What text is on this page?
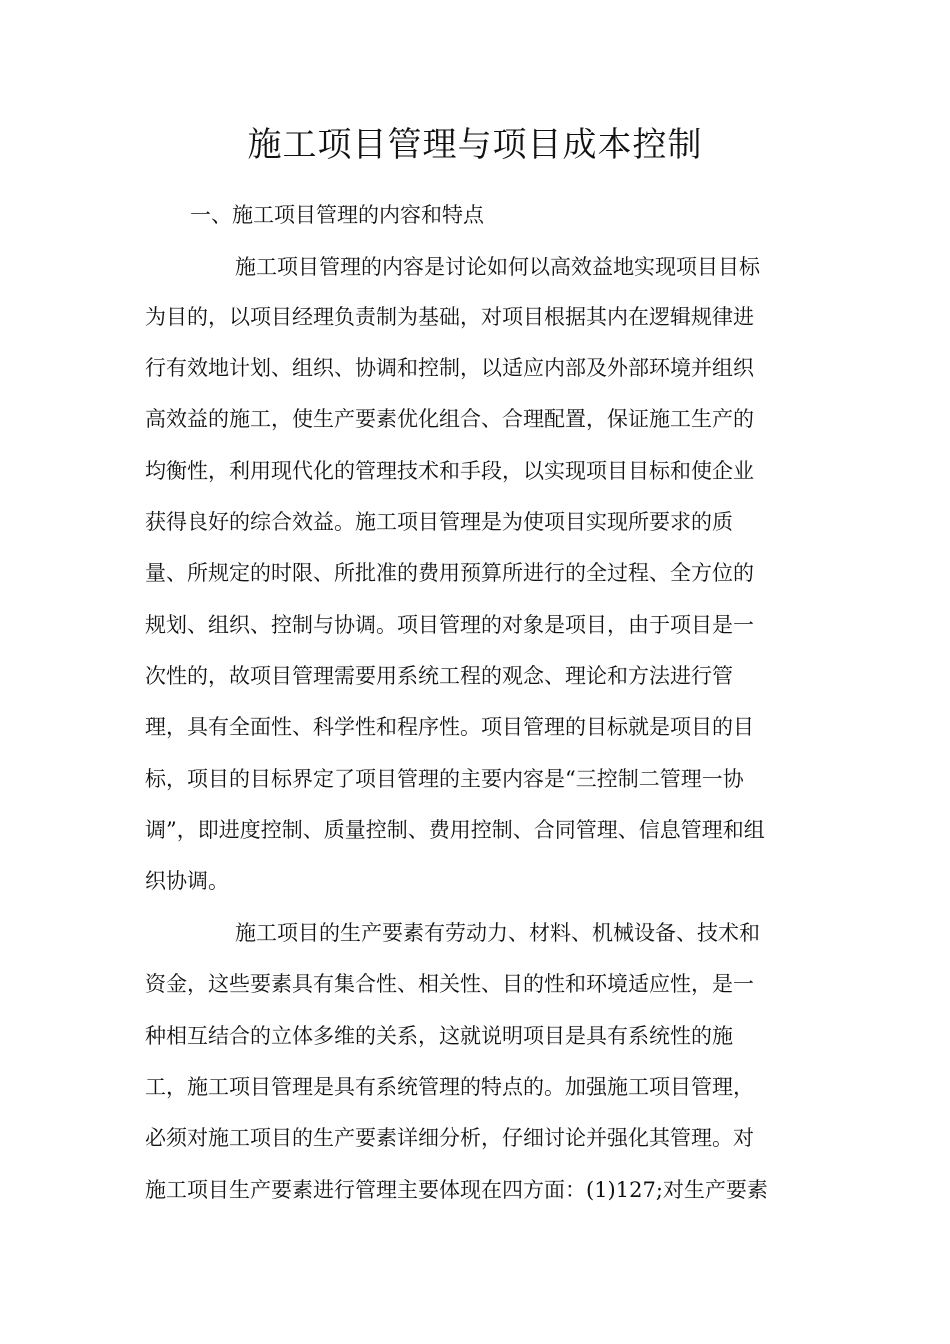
施工项目管理与项目成本控制
一、施工项目管理的内容和特点
施工项目管理的内容是讨论如何以高效益地实现项目目标
为目的，以项目经理负责制为基础，对项目根据其内在逻辑规律进
行有效地计划、组织、协调和控制，以适应内部及外部环境并组织
高效益的施工，使生产要素优化组合、合理配置，保证施工生产的
均衡性，利用现代化的管理技术和手段，以实现项目目标和使企业
获得良好的综合效益。施工项目管理是为使项目实现所要求的质
量、所规定的时限、所批准的费用预算所进行的全过程、全方位的
规划、组织、控制与协调。项目管理的对象是项目，由于项目是一
次性的，故项目管理需要用系统工程的观念、理论和方法进行管
理，具有全面性、科学性和程序性。项目管理的目标就是项目的目
标，项目的目标界定了项目管理的主要内容是“三控制二管理一协
调”，即进度控制、质量控制、费用控制、合同管理、信息管理和组
织协调。
施工项目的生产要素有劳动力、材料、机械设备、技术和
资金，这些要素具有集合性、相关性、目的性和环境适应性，是一
种相互结合的立体多维的关系，这就说明项目是具有系统性的施
工，施工项目管理是具有系统管理的特点的。加强施工项目管理，
必须对施工项目的生产要素详细分析，仔细讨论并强化其管理。对
施工项目生产要素进行管理主要体现在四方面：(1)127;对生产要素
